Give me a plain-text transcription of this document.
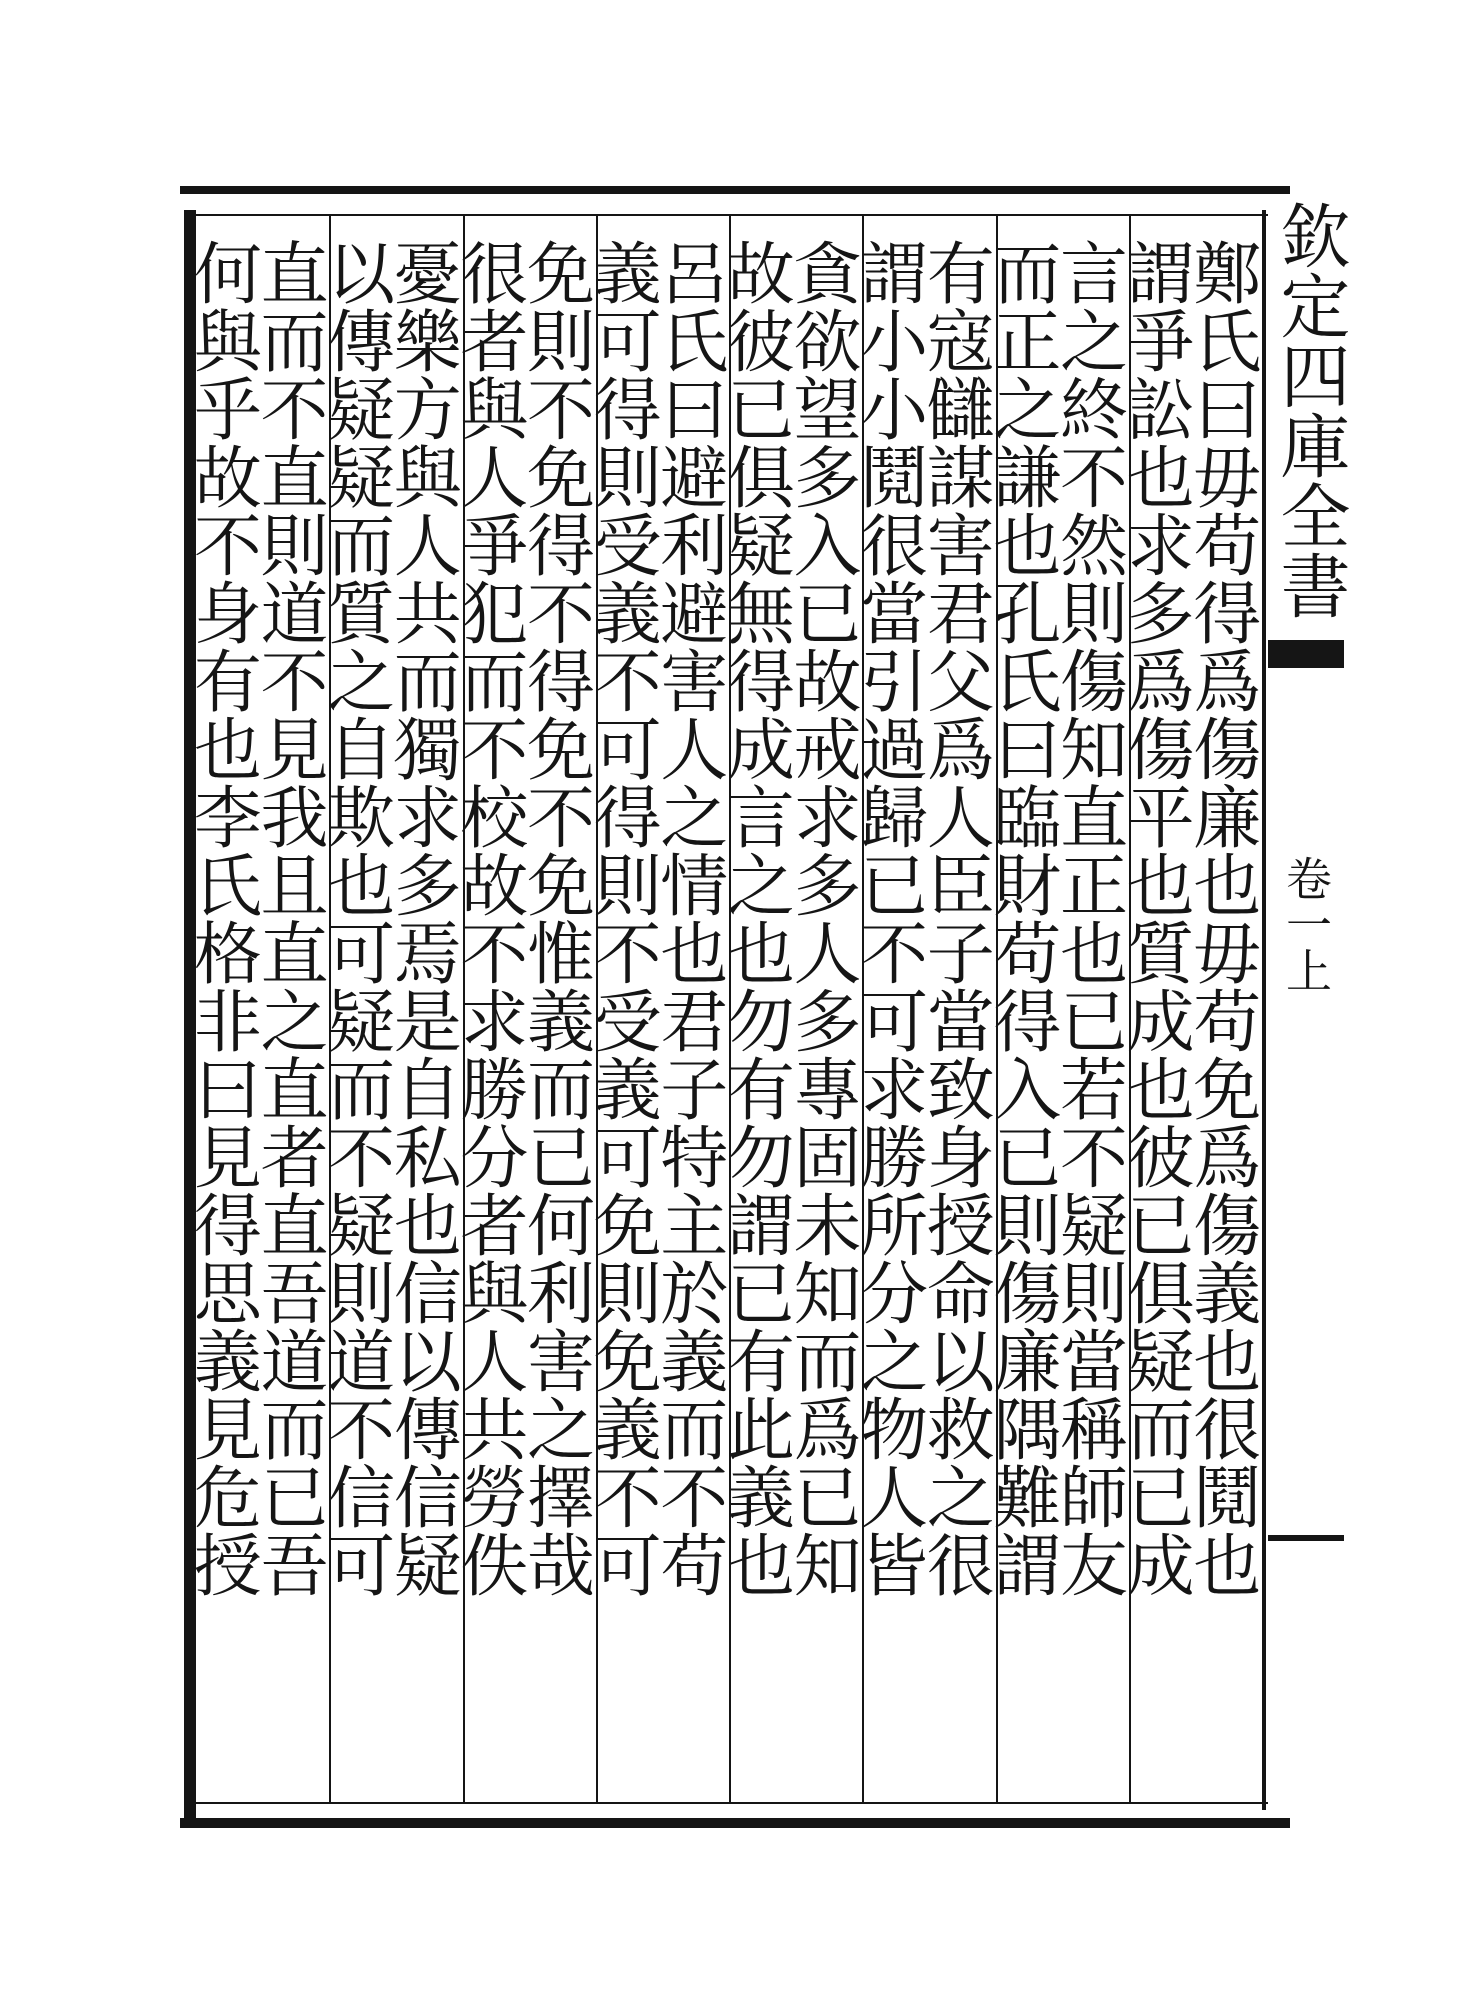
欽定四庫全書
卷一上
鄭氏曰毋苟得爲傷廉也毋苟免爲傷義也很鬩也
謂爭訟也求多爲傷平也質成也彼已俱疑而已成
言之終不然則傷知直正也已若不疑則當稱師友
而正之謙也孔氏曰臨財苟得入已則傷廉隅難謂
有寇讎謀害君父爲人臣子當致身授命以救之很
謂小小鬩很當引過歸已不可求勝所分之物人皆
貪欲望多入已故戒求多人多專固未知而爲已知
故彼已俱疑無得成言之也勿有勿謂已有此義也
呂氏曰避利避害人之情也君子特主於義而不苟
義可得則受義不可得則不受義可免則免義不可
免則不免得不得免不免惟義而已何利害之擇哉
很者與人爭犯而不校故不求勝分者與人共勞佚
憂樂方與人共而獨求多焉是自私也信以傳信疑
以傳疑疑而質之自欺也可疑而不疑則道不信可
直而不直則道不見我且直之直者直吾道而已吾
何與乎故不身有也李氏格非曰見得思義見危授
